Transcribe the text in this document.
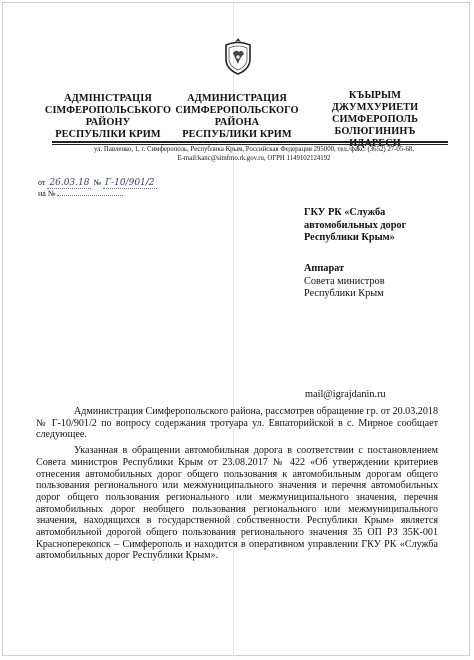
АДМІНІСТРАЦІЯ
СІМФЕРОПОЛЬСЬКОГО
РАЙОНУ
РЕСПУБЛІКИ КРИМ
АДМИНИСТРАЦИЯ
СИМФЕРОПОЛЬСКОГО
РАЙОНА
РЕСПУБЛИКИ КРИМ
КЪЫРЫМ ДЖУМХУРИЕТИ
СИМФЕРОПОЛЬ
БОЛЮГИНИНЪ
ул. Павленко, 1, г. Симферополь, Республика Крым, Российская Федерация 295000, тел./факс: (3652) 27-05-68,
E-mail:kanc@simfmo.rk.gov.ru, ОГРН 1149102124192
от 26.03.18 № Г-10/901/2
на №
ГКУ РК «Служба
автомобильных дорог
Республики Крым»
Аппарат
Совета министров
Республики Крым
mail@igrajdanin.ru

Администрация Симферопольского района, рассмотрев обращение гр. от 20.03.2018 № Г-10/901/2 по вопросу содержания тротуара ул. Евпаторийской в с. Мирное сообщает следующее.

Указанная в обращении автомобильная дорога в соответствии с постановлением Совета министров Республики Крым от 23.08.2017 № 422 «Об утверждении критериев отнесения автомобильных дорог общего пользования к автомобильным дорогам общего пользования регионального или межмуниципального значения и перечня автомобильных дорог общего пользования регионального или межмуниципального значения, перечня автомобильных дорог необщего пользования регионального или межмуниципального значения, находящихся в государственной собственности Республики Крым» является автомобильной дорогой общего пользования регионального значения 35 ОП РЗ 35К-001 Красноперекопск – Симферополь и находится в оперативном управлении ГКУ РК «Служба автомобильных дорог Республики Крым».
